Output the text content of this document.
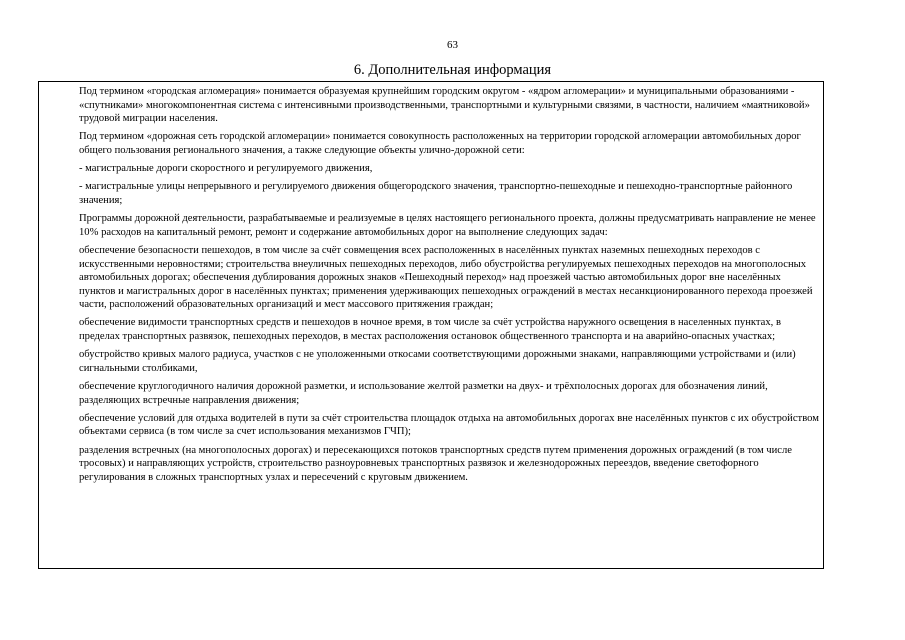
63
6. Дополнительная информация

Под термином «городская агломерация» понимается образуемая крупнейшим городским округом - «ядром агломерации» и муниципальными образованиями - «спутниками» многокомпонентная система с интенсивными производственными, транспортными и культурными связями, в частности, наличием «маятниковой» трудовой миграции населения.

Под термином «дорожная сеть городской агломерации» понимается совокупность расположенных на территории городской агломерации автомобильных дорог общего пользования регионального значения, а также следующие объекты улично-дорожной сети:

- магистральные дороги скоростного и регулируемого движения,

- магистральные улицы непрерывного и регулируемого движения общегородского значения, транспортно-пешеходные и пешеходно-транспортные районного значения;

Программы дорожной деятельности, разрабатываемые и реализуемые в целях настоящего регионального проекта, должны предусматривать направление не менее 10% расходов на капитальный ремонт, ремонт и содержание автомобильных дорог на выполнение следующих задач:

обеспечение безопасности пешеходов, в том числе за счёт совмещения всех расположенных в населённых пунктах наземных пешеходных переходов с искусственными неровностями; строительства внеуличных пешеходных переходов, либо обустройства регулируемых пешеходных переходов на многополосных автомобильных дорогах; обеспечения дублирования дорожных знаков «Пешеходный переход» над проезжей частью автомобильных дорог вне населённых пунктов и магистральных дорог в населённых пунктах; применения удерживающих пешеходных ограждений в местах несанкционированного перехода проезжей части, расположений образовательных организаций и мест массового притяжения граждан;

обеспечение видимости транспортных средств и пешеходов в ночное время, в том числе за счёт устройства наружного освещения в населенных пунктах, в пределах транспортных развязок, пешеходных переходов, в местах расположения остановок общественного транспорта и на аварийно-опасных участках;

обустройство кривых малого радиуса, участков с не уположенными откосами соответствующими дорожными знаками, направляющими устройствами и (или) сигнальными столбиками,

обеспечение круглогодичного наличия дорожной разметки, и использование желтой разметки на двух- и трёхполосных дорогах для обозначения линий, разделяющих встречные направления движения;

обеспечение условий для отдыха водителей в пути за счёт строительства площадок отдыха на автомобильных дорогах вне населённых пунктов с их обустройством объектами сервиса (в том числе за счет использования механизмов ГЧП);

разделения встречных (на многополосных дорогах) и пересекающихся потоков транспортных средств путем применения дорожных ограждений (в том числе тросовых) и направляющих устройств, строительство разноуровневых транспортных развязок и железнодорожных переездов, введение светофорного регулирования в сложных транспортных узлах и пересечений с круговым движением.
